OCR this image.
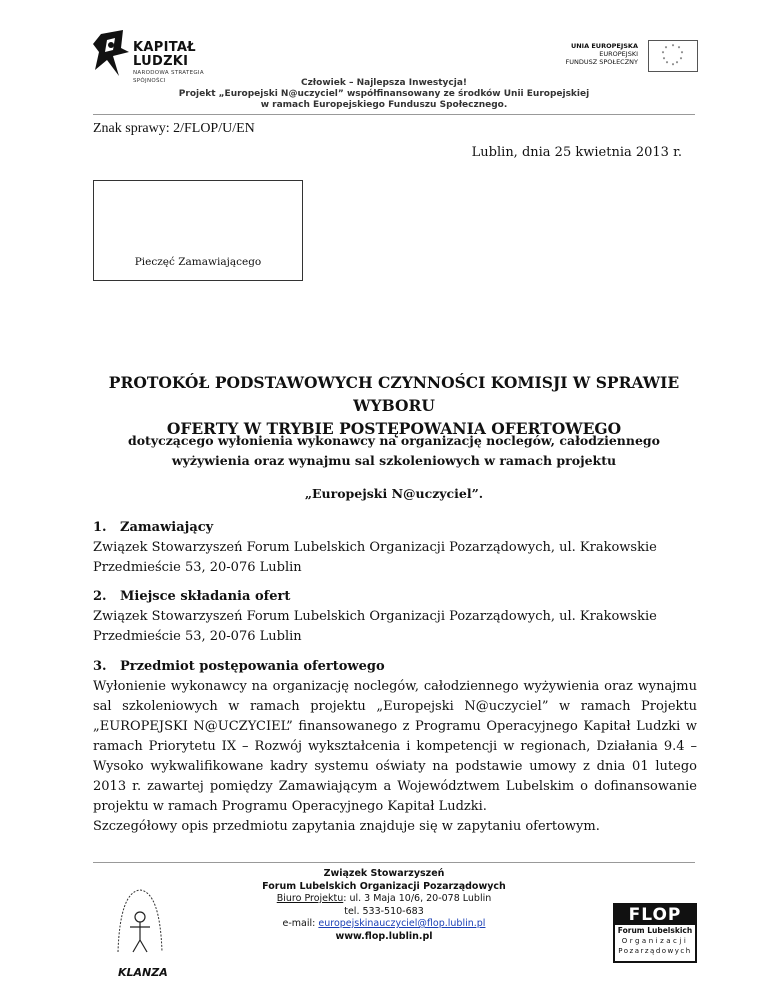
KAPITAŁ LUDZKI
NARODOWA STRATEGIA SPÓJNOŚCI
UNIA EUROPEJSKA
EUROPEJSKI
FUNDUSZ SPOŁECZNY
* *
*
*
*
*
*
*
*
*
Człowiek – Najlepsza Inwestycja!
Projekt „Europejski N@uczyciel” współfinansowany ze środków Unii Europejskiej
w ramach Europejskiego Funduszu Społecznego.
Znak sprawy: 2/FLOP/U/EN
Lublin, dnia 25 kwietnia 2013 r.
Pieczęć Zamawiającego
PROTOKÓŁ PODSTAWOWYCH CZYNNOŚCI KOMISJI W SPRAWIE WYBORU
OFERTY W TRYBIE POSTĘPOWANIA OFERTOWEGO
dotyczącego wyłonienia wykonawcy na organizację noclegów, całodziennego
wyżywienia oraz wynajmu sal szkoleniowych w ramach projektu
„Europejski N@uczyciel”.
1. Zamawiający

Związek Stowarzyszeń Forum Lubelskich Organizacji Pozarządowych, ul. Krakowskie

Przedmieście 53, 20-076 Lublin

2. Miejsce składania ofert

Związek Stowarzyszeń Forum Lubelskich Organizacji Pozarządowych, ul. Krakowskie

Przedmieście 53, 20-076 Lublin

3. Przedmiot postępowania ofertowego

Wyłonienie wykonawcy na organizację noclegów, całodziennego wyżywienia oraz wynajmu sal szkoleniowych w ramach projektu „Europejski N@uczyciel” w ramach Projektu „EUROPEJSKI N@UCZYCIEL” finansowanego z Programu Operacyjnego Kapitał Ludzki w ramach Priorytetu IX – Rozwój wykształcenia i kompetencji w regionach, Działania 9.4 – Wysoko wykwalifikowane kadry systemu oświaty na podstawie umowy z dnia 01 lutego 2013 r. zawartej pomiędzy Zamawiającym a Województwem Lubelskim o dofinansowanie projektu w ramach Programu Operacyjnego Kapitał Ludzki.

Szczegółowy opis przedmiotu zapytania znajduje się w zapytaniu ofertowym.

KLANZA
Związek Stowarzyszeń
Forum Lubelskich Organizacji Pozarządowych
Biuro Projektu: ul. 3 Maja 10/6, 20-078 Lublin
tel. 533-510-683
e-mail: europejskinauczyciel@flop.lublin.pl
www.flop.lublin.pl
FLOP
Forum Lubelskich
Organizacji
Pozarządowych
